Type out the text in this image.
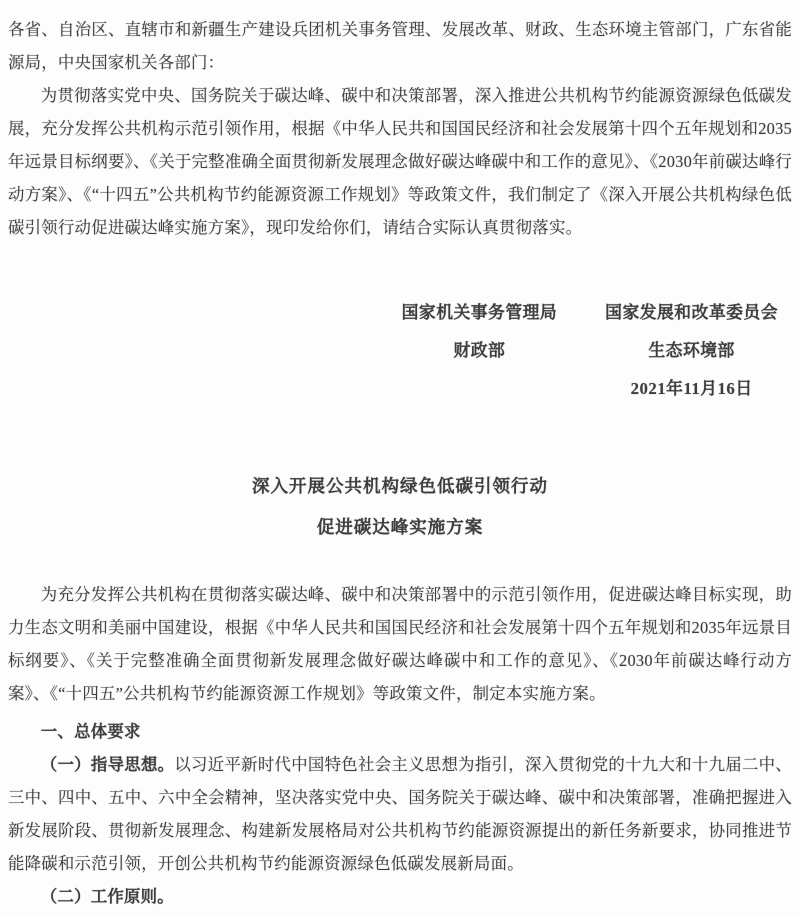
各省、自治区、直辖市和新疆生产建设兵团机关事务管理、发展改革、财政、生态环境主管部门，广东省能源局，中央国家机关各部门：

为贯彻落实党中央、国务院关于碳达峰、碳中和决策部署，深入推进公共机构节约能源资源绿色低碳发展，充分发挥公共机构示范引领作用，根据《中华人民共和国国民经济和社会发展第十四个五年规划和2035年远景目标纲要》、《关于完整准确全面贯彻新发展理念做好碳达峰碳中和工作的意见》、《2030年前碳达峰行动方案》、《“十四五”公共机构节约能源资源工作规划》等政策文件，我们制定了《深入开展公共机构绿色低碳引领行动促进碳达峰实施方案》，现印发给你们，请结合实际认真贯彻落实。

国家机关事务管理局
财政部
国家发展和改革委员会
生态环境部
2021年11月16日
深入开展公共机构绿色低碳引领行动
促进碳达峰实施方案

为充分发挥公共机构在贯彻落实碳达峰、碳中和决策部署中的示范引领作用，促进碳达峰目标实现，助力生态文明和美丽中国建设，根据《中华人民共和国国民经济和社会发展第十四个五年规划和2035年远景目标纲要》、《关于完整准确全面贯彻新发展理念做好碳达峰碳中和工作的意见》、《2030年前碳达峰行动方案》、《“十四五”公共机构节约能源资源工作规划》等政策文件，制定本实施方案。

一、总体要求

（一）指导思想。以习近平新时代中国特色社会主义思想为指引，深入贯彻党的十九大和十九届二中、三中、四中、五中、六中全会精神，坚决落实党中央、国务院关于碳达峰、碳中和决策部署，准确把握进入新发展阶段、贯彻新发展理念、构建新发展格局对公共机构节约能源资源提出的新任务新要求，协同推进节能降碳和示范引领，开创公共机构节约能源资源绿色低碳发展新局面。

（二）工作原则。
